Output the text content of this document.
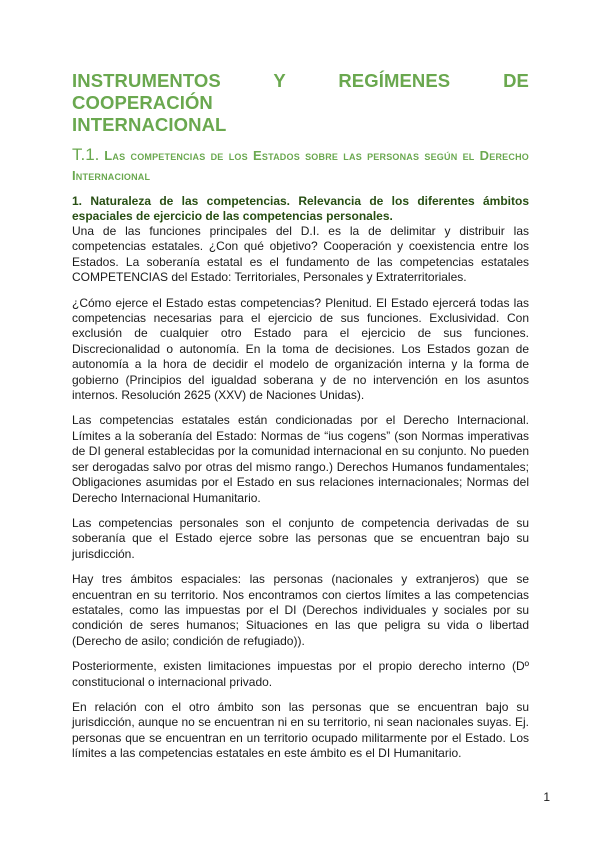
INSTRUMENTOS Y REGÍMENES DE COOPERACIÓN
INTERNACIONAL
T.1. Las competencias de los Estados sobre las personas según el Derecho Internacional
1. Naturaleza de las competencias. Relevancia de los diferentes ámbitos espaciales de ejercicio de las competencias personales.

Una de las funciones principales del D.I. es la de delimitar y distribuir las competencias estatales. ¿Con qué objetivo? Cooperación y coexistencia entre los Estados. La soberanía estatal es el fundamento de las competencias estatales COMPETENCIAS del Estado: Territoriales, Personales y Extraterritoriales.

¿Cómo ejerce el Estado estas competencias? Plenitud. El Estado ejercerá todas las competencias necesarias para el ejercicio de sus funciones. Exclusividad. Con exclusión de cualquier otro Estado para el ejercicio de sus funciones. Discrecionalidad o autonomía. En la toma de decisiones. Los Estados gozan de autonomía a la hora de decidir el modelo de organización interna y la forma de gobierno (Principios del igualdad soberana y de no intervención en los asuntos internos. Resolución 2625 (XXV) de Naciones Unidas).

Las competencias estatales están condicionadas por el Derecho Internacional. Límites a la soberanía del Estado: Normas de “ius cogens” (son Normas imperativas de DI general establecidas por la comunidad internacional en su conjunto. No pueden ser derogadas salvo por otras del mismo rango.) Derechos Humanos fundamentales; Obligaciones asumidas por el Estado en sus relaciones internacionales; Normas del Derecho Internacional Humanitario.

Las competencias personales son el conjunto de competencia derivadas de su soberanía que el Estado ejerce sobre las personas que se encuentran bajo su jurisdicción.

Hay tres ámbitos espaciales: las personas (nacionales y extranjeros) que se encuentran en su territorio. Nos encontramos con ciertos límites a las competencias estatales, como las impuestas por el DI (Derechos individuales y sociales por su condición de seres humanos; Situaciones en las que peligra su vida o libertad (Derecho de asilo; condición de refugiado)).

Posteriormente, existen limitaciones impuestas por el propio derecho interno (Dº constitucional o internacional privado.

En relación con el otro ámbito son las personas que se encuentran bajo su jurisdicción, aunque no se encuentran ni en su territorio, ni sean nacionales suyas. Ej. personas que se encuentran en un territorio ocupado militarmente por el Estado. Los límites a las competencias estatales en este ámbito es el DI Humanitario.

1
